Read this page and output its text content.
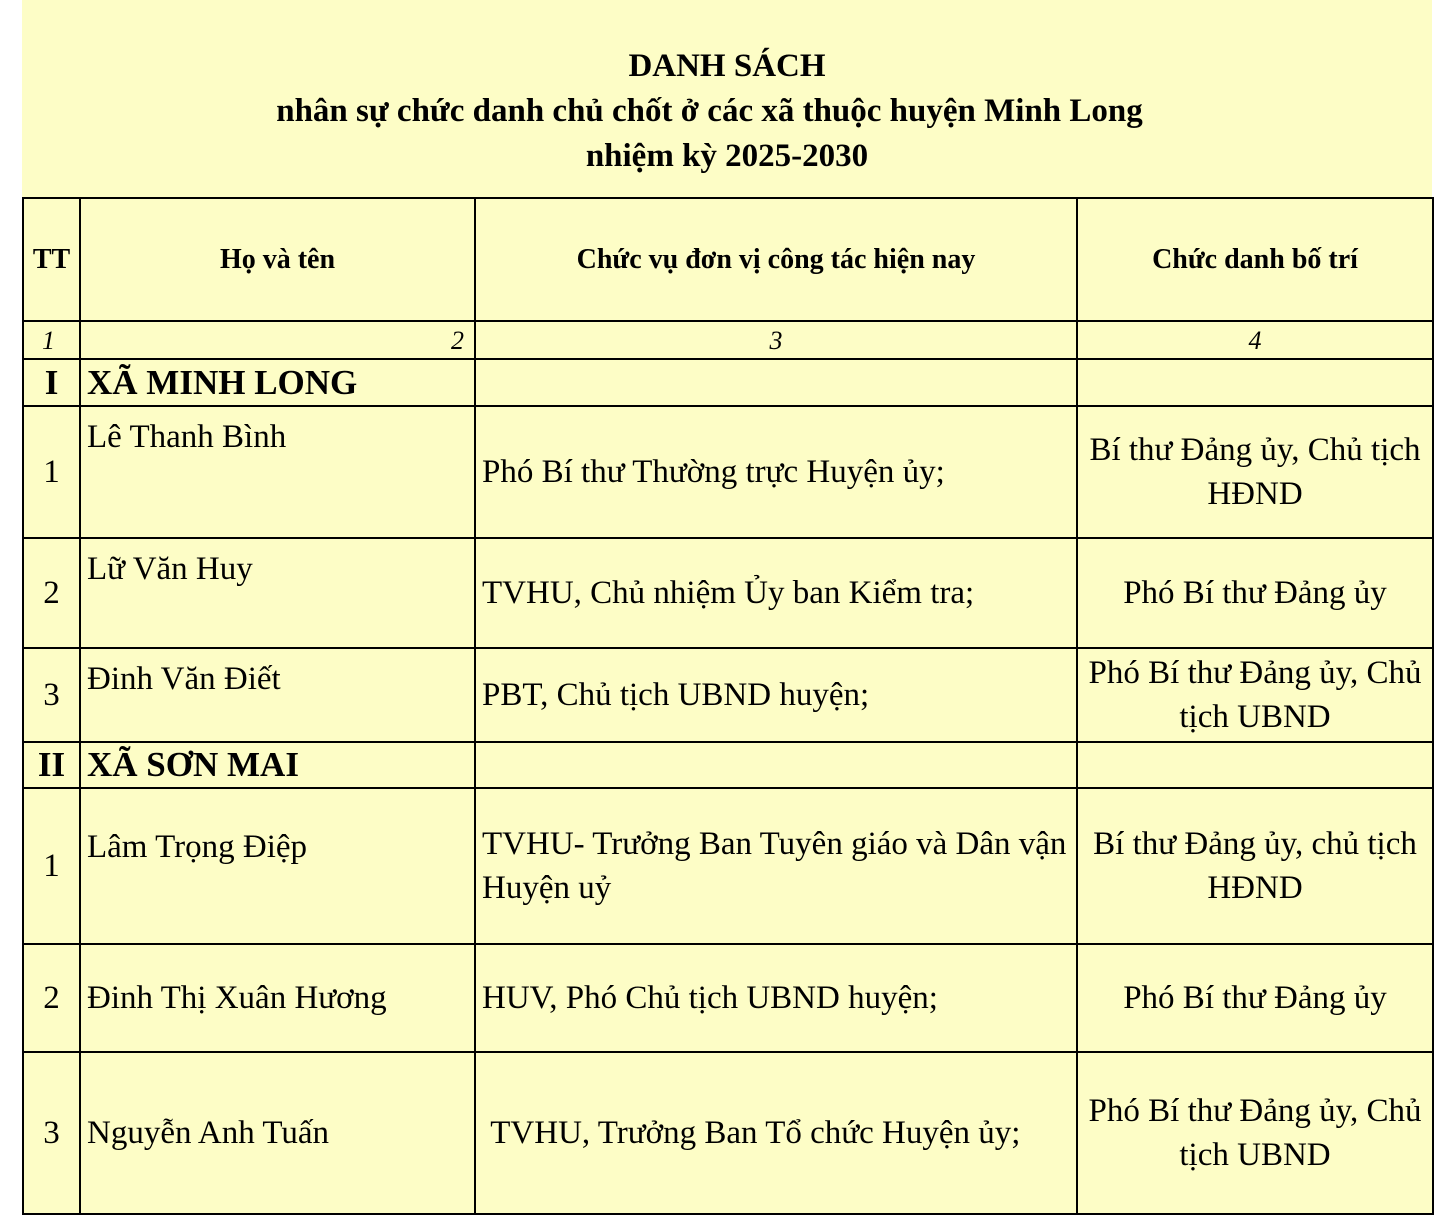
DANH SÁCH
nhân sự chức danh chủ chốt ở các xã thuộc huyện Minh Long
nhiệm kỳ 2025-2030
TT	Họ và tên	Chức vụ đơn vị công tác hiện nay	Chức danh bố trí
1	2	3	4
I	XÃ MINH LONG		
1	Lê Thanh Bình	Phó Bí thư Thường trực Huyện ủy;	Bí thư Đảng ủy, Chủ tịch HĐND
2	Lữ Văn Huy	TVHU, Chủ nhiệm Ủy ban Kiểm tra;	Phó Bí thư Đảng ủy
3	Đinh Văn Điết	PBT, Chủ tịch UBND huyện;	Phó Bí thư Đảng ủy, Chủ tịch UBND
II	XÃ SƠN MAI		
1	Lâm Trọng Điệp	TVHU- Trưởng Ban Tuyên giáo và Dân vận Huyện uỷ	Bí thư Đảng ủy, chủ tịch HĐND
2	Đinh Thị Xuân Hương	HUV, Phó Chủ tịch UBND huyện;	Phó Bí thư Đảng ủy
3	Nguyễn Anh Tuấn	TVHU, Trưởng Ban Tổ chức Huyện ủy;	Phó Bí thư Đảng ủy, Chủ tịch UBND
